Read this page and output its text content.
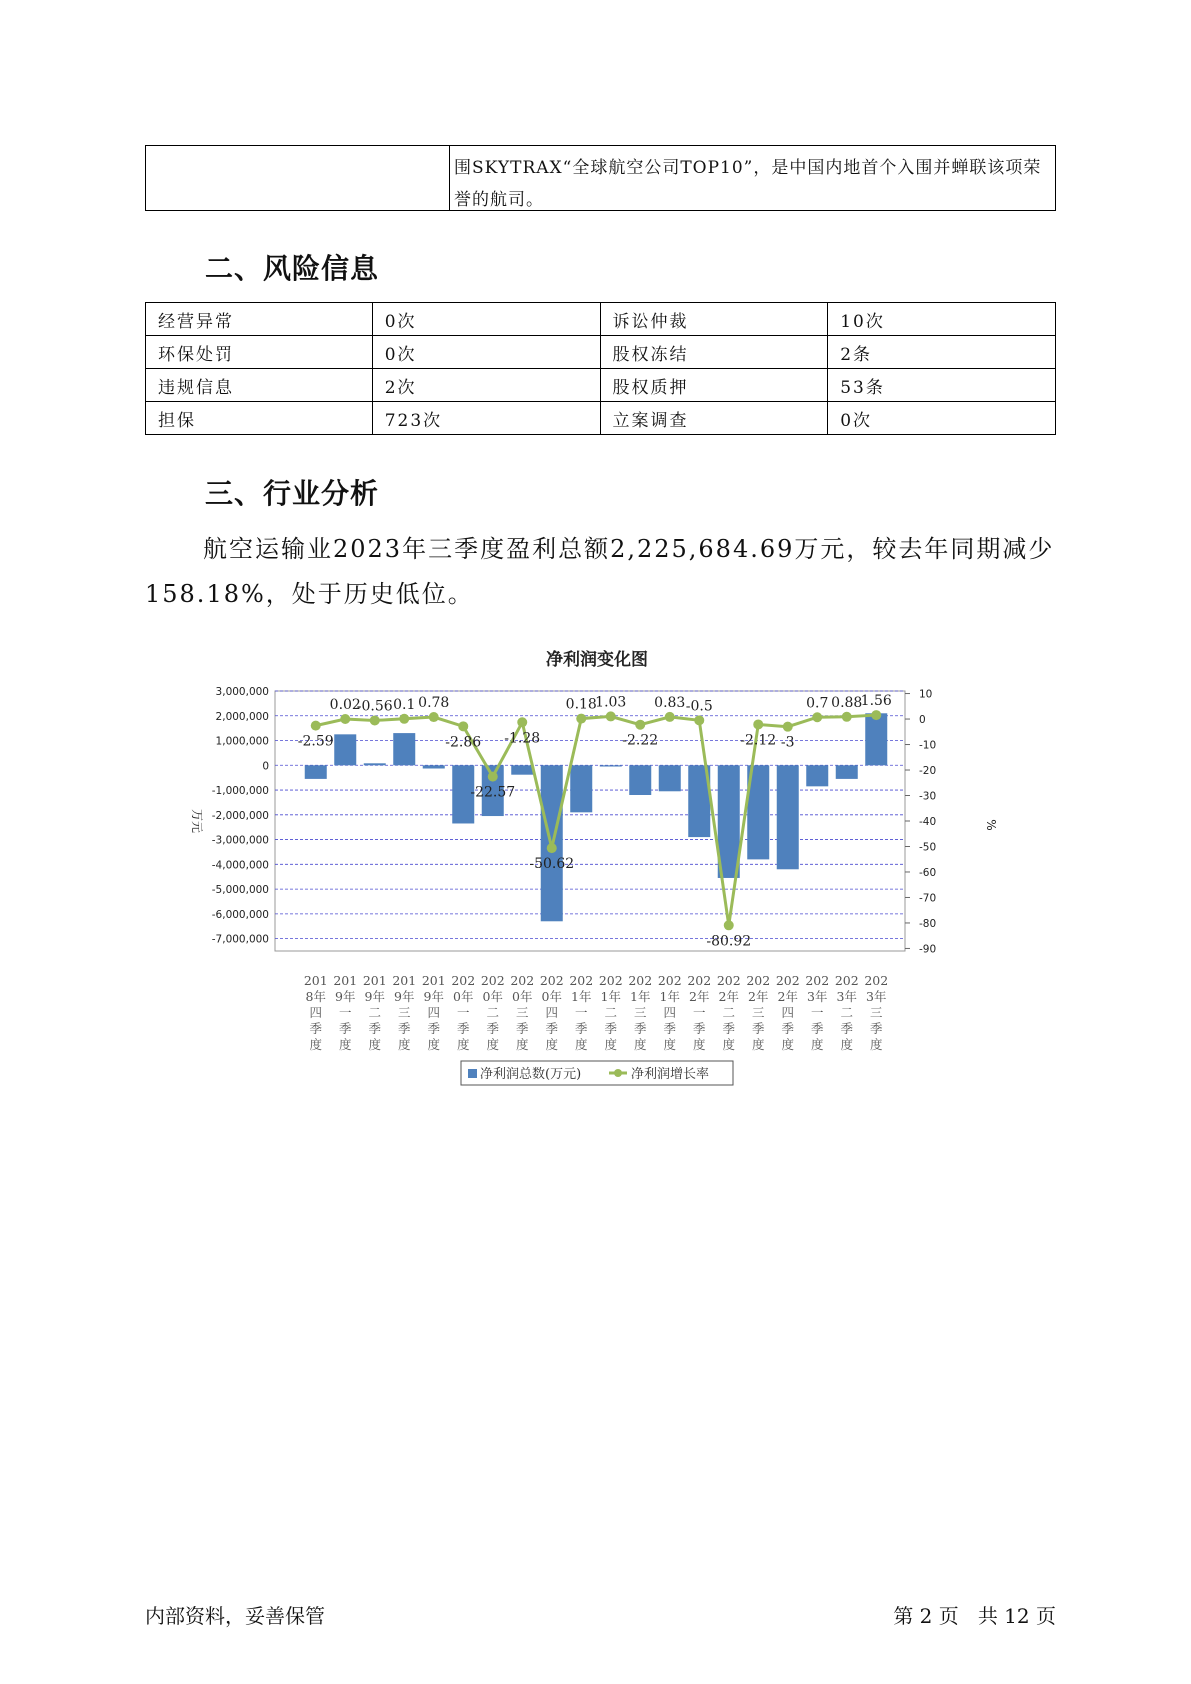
围SKYTRAX“全球航空公司TOP10”，是中国内地首个入围并蝉联该项荣
誉的航司。
二、风险信息
经营异常	0次	诉讼仲裁	10次
环保处罚	0次	股权冻结	2条
违规信息	2次	股权质押	53条
担保	723次	立案调查	0次
三、行业分析
航空运输业2023年三季度盈利总额2,225,684.69万元，较去年同期减少158.18%，处于历史低位。
净利润变化图
3,000,000
2,000,000
1,000,000
0
-1,000,000
-2,000,000
-3,000,000
-4,000,000
-5,000,000
-6,000,000
-7,000,000
10
0
-10
-20
-30
-40
-50
-60
-70
-80
-90
万元	%
-2.59
0.02
-0.56 0.1 0.78
-2.86
-22.57
-1.28
-50.62
0.18
1.03
-2.22
0.83 -0.5
-80.92
-2.12 -3
0.7 0.88
1.56
201 8年四季度
201 9年一季度
201 9年二季度
201 9年三季度
201 9年四季度
202 0年一季度
202 0年二季度
202 0年三季度
202 0年四季度
202 1年一季度
202 1年二季度
202 1年三季度
202 1年四季度
202 2年一季度
202 2年二季度
202 2年三季度
202 2年四季度
202 3年一季度
202 3年二季度
202 3年三季度
净利润总数(万元)	净利润增长率
内部资料，妥善保管	第 2 页   共 12 页
